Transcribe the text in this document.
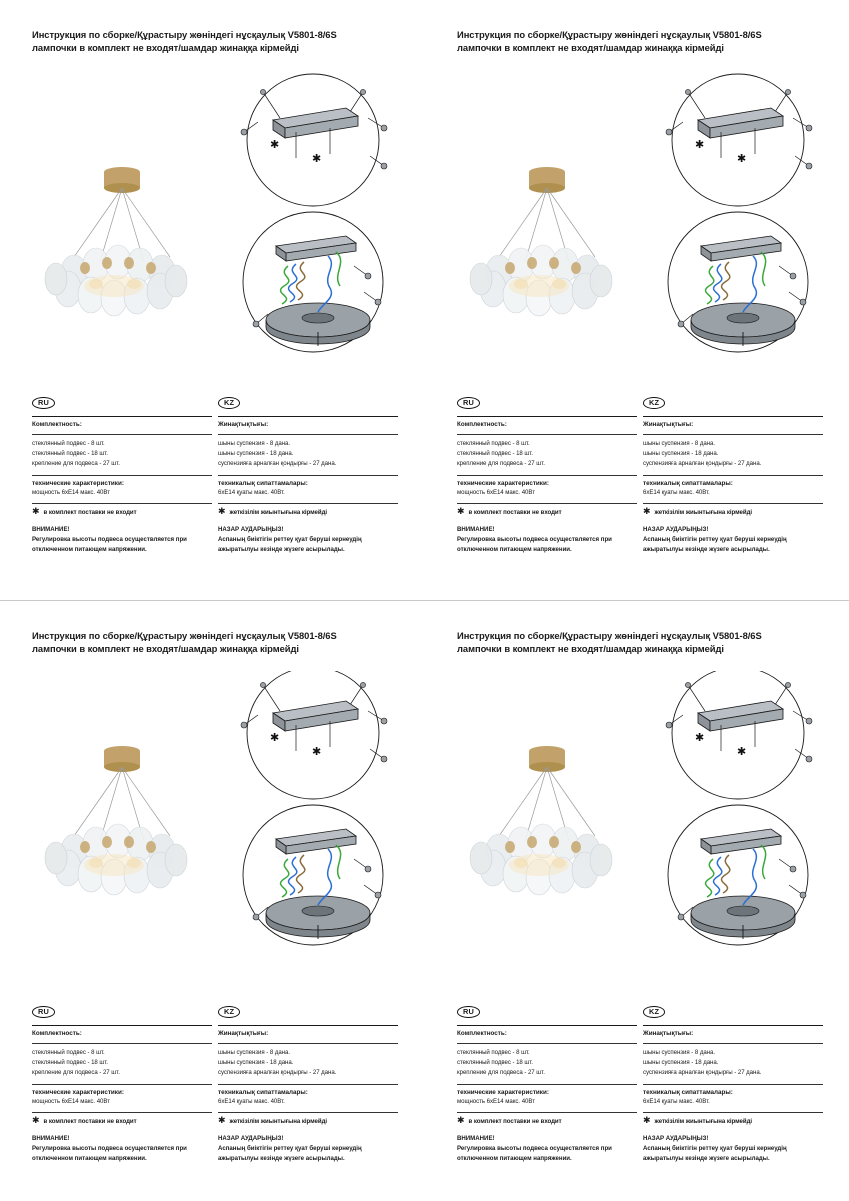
Инструкция по сборке/Құрастыру жөніндегі нұсқаулық V5801-8/6S
лампочки в комплект не входят/шамдар жинаққа кірмейді
✱
✱
RU
Комплектность:
стеклянный подвес - 8 шт.
стеклянный подвес - 18 шт.
крепление для подвеса - 27 шт.
технические характеристики:
мощность 6хЕ14 макс. 40Вт
✱ в комплект поставки не входит
ВНИМАНИЕ!
Регулировка высоты подвеса осуществляется при отключенном питающем напряжении.
KZ
Жинақтықтығы:
шыны суспензия - 8 дана.
шыны суспензия - 18 дана.
суспензияға арналған қондырғы - 27 дана.
техникалық сипаттамалары:
6хЕ14 қуаты макс. 40Вт.
✱ жеткізілім жиынтығына кірмейді
НАЗАР АУДАРЫҢЫЗ!
Аспаның биіктігін реттеу қуат беруші кернеудің ажыратылуы кезінде жүзеге асырылады.
Инструкция по сборке/Құрастыру жөніндегі нұсқаулық V5801-8/6S
лампочки в комплект не входят/шамдар жинаққа кірмейді
✱
✱
RU
Комплектность:
стеклянный подвес - 8 шт.
стеклянный подвес - 18 шт.
крепление для подвеса - 27 шт.
технические характеристики:
мощность 6хЕ14 макс. 40Вт
✱ в комплект поставки не входит
ВНИМАНИЕ!
Регулировка высоты подвеса осуществляется при отключенном питающем напряжении.
KZ
Жинақтықтығы:
шыны суспензия - 8 дана.
шыны суспензия - 18 дана.
суспензияға арналған қондырғы - 27 дана.
техникалық сипаттамалары:
6хЕ14 қуаты макс. 40Вт.
✱ жеткізілім жиынтығына кірмейді
НАЗАР АУДАРЫҢЫЗ!
Аспаның биіктігін реттеу қуат беруші кернеудің ажыратылуы кезінде жүзеге асырылады.
Инструкция по сборке/Құрастыру жөніндегі нұсқаулық V5801-8/6S
лампочки в комплект не входят/шамдар жинаққа кірмейді
✱
✱
RU
Комплектность:
стеклянный подвес - 8 шт.
стеклянный подвес - 18 шт.
крепление для подвеса - 27 шт.
технические характеристики:
мощность 6хЕ14 макс. 40Вт
✱ в комплект поставки не входит
ВНИМАНИЕ!
Регулировка высоты подвеса осуществляется при отключенном питающем напряжении.
KZ
Жинақтықтығы:
шыны суспензия - 8 дана.
шыны суспензия - 18 дана.
суспензияға арналған қондырғы - 27 дана.
техникалық сипаттамалары:
6хЕ14 қуаты макс. 40Вт.
✱ жеткізілім жиынтығына кірмейді
НАЗАР АУДАРЫҢЫЗ!
Аспаның биіктігін реттеу қуат беруші кернеудің ажыратылуы кезінде жүзеге асырылады.
Инструкция по сборке/Құрастыру жөніндегі нұсқаулық V5801-8/6S
лампочки в комплект не входят/шамдар жинаққа кірмейді
✱
✱
RU
Комплектность:
стеклянный подвес - 8 шт.
стеклянный подвес - 18 шт.
крепление для подвеса - 27 шт.
технические характеристики:
мощность 6хЕ14 макс. 40Вт
✱ в комплект поставки не входит
ВНИМАНИЕ!
Регулировка высоты подвеса осуществляется при отключенном питающем напряжении.
KZ
Жинақтықтығы:
шыны суспензия - 8 дана.
шыны суспензия - 18 дана.
суспензияға арналған қондырғы - 27 дана.
техникалық сипаттамалары:
6хЕ14 қуаты макс. 40Вт.
✱ жеткізілім жиынтығына кірмейді
НАЗАР АУДАРЫҢЫЗ!
Аспаның биіктігін реттеу қуат беруші кернеудің ажыратылуы кезінде жүзеге асырылады.
